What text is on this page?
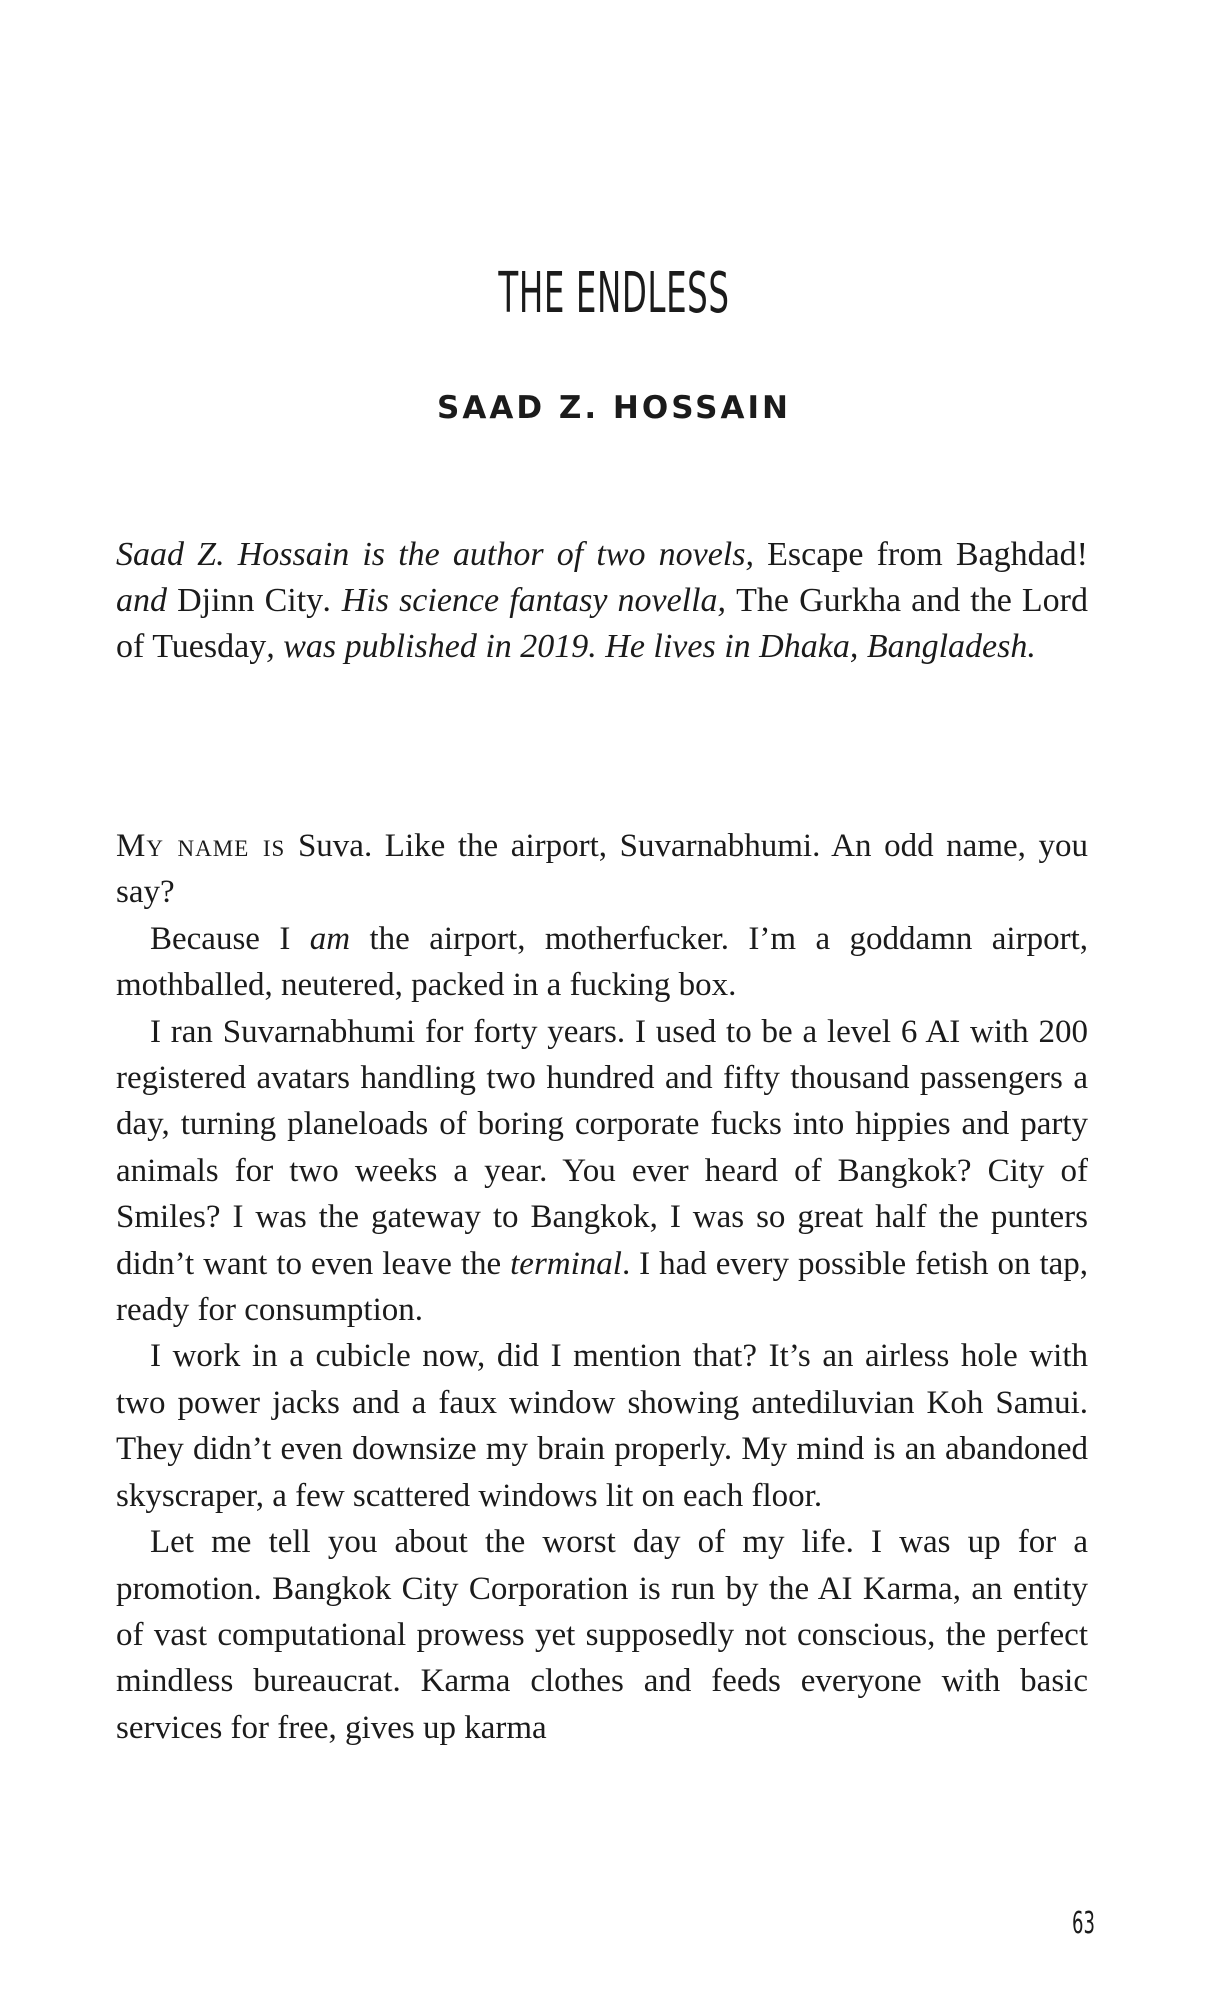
THE ENDLESS
SAAD Z. HOSSAIN

Saad Z. Hossain is the author of two novels, Escape from Baghdad! and Djinn City. His science fantasy novella, The Gurkha and the Lord of Tuesday, was published in 2019. He lives in Dhaka, Bangladesh.

My name is Suva. Like the airport, Suvarnabhumi. An odd name, you say?

Because I am the airport, motherfucker. I’m a goddamn airport, mothballed, neutered, packed in a fucking box.

I ran Suvarnabhumi for forty years. I used to be a level 6 AI with 200 registered avatars handling two hundred and fifty thousand passengers a day, turning planeloads of boring corporate fucks into hippies and party animals for two weeks a year. You ever heard of Bangkok? City of Smiles? I was the gateway to Bangkok, I was so great half the punters didn’t want to even leave the terminal. I had every possible fetish on tap, ready for consumption.

I work in a cubicle now, did I mention that? It’s an airless hole with two power jacks and a faux window showing antediluvian Koh Samui. They didn’t even downsize my brain properly. My mind is an abandoned skyscraper, a few scattered windows lit on each floor.

Let me tell you about the worst day of my life. I was up for a promotion. Bangkok City Corporation is run by the AI Karma, an entity of vast computational prowess yet supposedly not conscious, the perfect mindless bureaucrat. Karma clothes and feeds everyone with basic services for free, gives up karma

63
